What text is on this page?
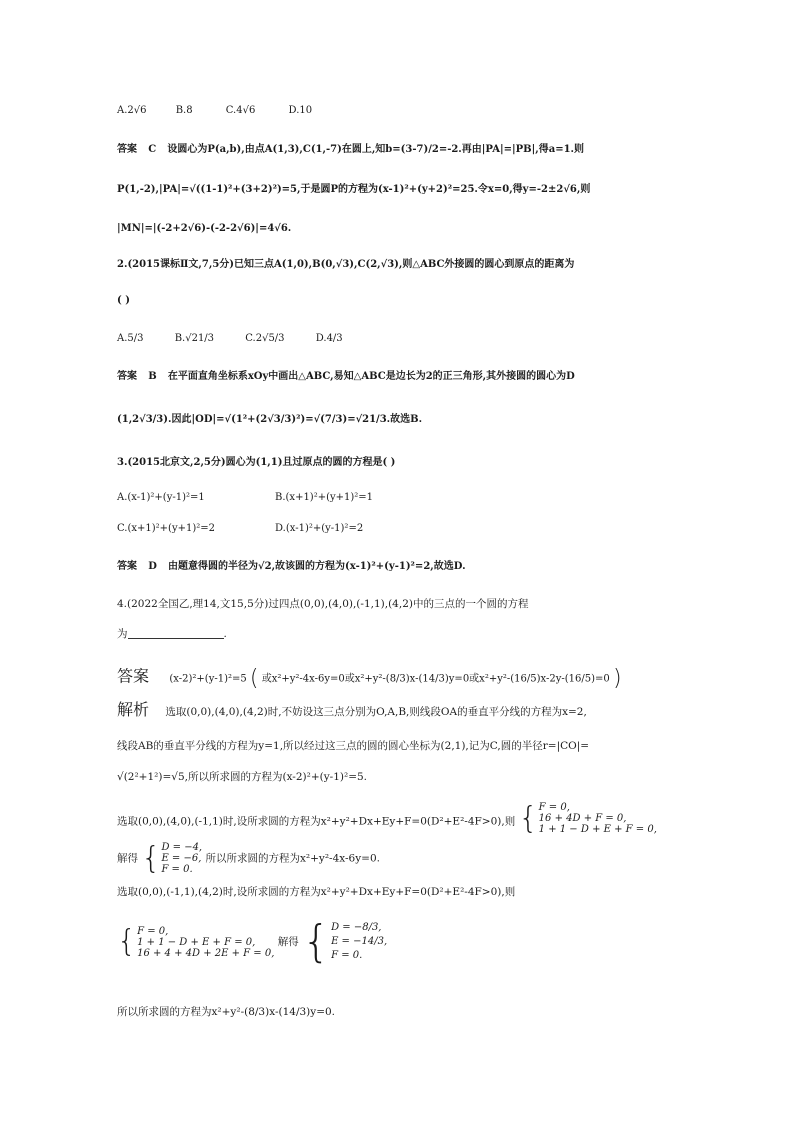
A.2√6	B.8	C.4√6	D.10
答案 C 设圆心为P(a,b),由点A(1,3),C(1,-7)在圆上,知b=(3-7)/2=-2.再由|PA|=|PB|,得a=1.则
P(1,-2),|PA|=√((1-1)²+(3+2)²)=5,于是圆P的方程为(x-1)²+(y+2)²=25.令x=0,得y=-2±2√6,则
|MN|=|(-2+2√6)-(-2-2√6)|=4√6.
2.(2015课标Ⅱ文,7,5分)已知三点A(1,0),B(0,√3),C(2,√3),则△ABC外接圆的圆心到原点的距离为
( )
A.5/3	B.√21/3	C.2√5/3	D.4/3
答案 B 在平面直角坐标系xOy中画出△ABC,易知△ABC是边长为2的正三角形,其外接圆的圆心为D
(1,2√3/3).因此|OD|=√(1²+(2√3/3)²)=√(7/3)=√21/3.故选B.
3.(2015北京文,2,5分)圆心为(1,1)且过原点的圆的方程是( )
A.(x-1)²+(y-1)²=1	B.(x+1)²+(y+1)²=1
C.(x+1)²+(y+1)²=2	D.(x-1)²+(y-1)²=2
答案 D 由题意得圆的半径为√2,故该圆的方程为(x-1)²+(y-1)²=2,故选D.
4.(2022全国乙,理14,文15,5分)过四点(0,0),(4,0),(-1,1),(4,2)中的三点的一个圆的方程
为	.
答案 (x-2)²+(y-1)²=5 ( 或x²+y²-4x-6y=0或x²+y²-(8/3)x-(14/3)y=0或x²+y²-(16/5)x-2y-(16/5)=0 )
解析 选取(0,0),(4,0),(4,2)时,不妨设这三点分别为O,A,B,则线段OA的垂直平分线的方程为x=2,
线段AB的垂直平分线的方程为y=1,所以经过这三点的圆的圆心坐标为(2,1),记为C,圆的半径r=|CO|=
√(2²+1²)=√5,所以所求圆的方程为(x-2)²+(y-1)²=5.
选取(0,0),(4,0),(-1,1)时,设所求圆的方程为x²+y²+Dx+Ey+F=0(D²+E²-4F>0),则 { F = 0,
16 + 4D + F = 0,
1 + 1 − D + E + F = 0,
解得 { D = −4,
E = −6,
F = 0.
所以所求圆的方程为x²+y²-4x-6y=0.
选取(0,0),(-1,1),(4,2)时,设所求圆的方程为x²+y²+Dx+Ey+F=0(D²+E²-4F>0),则
{ F = 0,
1 + 1 − D + E + F = 0,
16 + 4 + 4D + 2E + F = 0,
解得 { D = −8/3,
E = −14/3,
F = 0.
所以所求圆的方程为x²+y²-(8/3)x-(14/3)y=0.
